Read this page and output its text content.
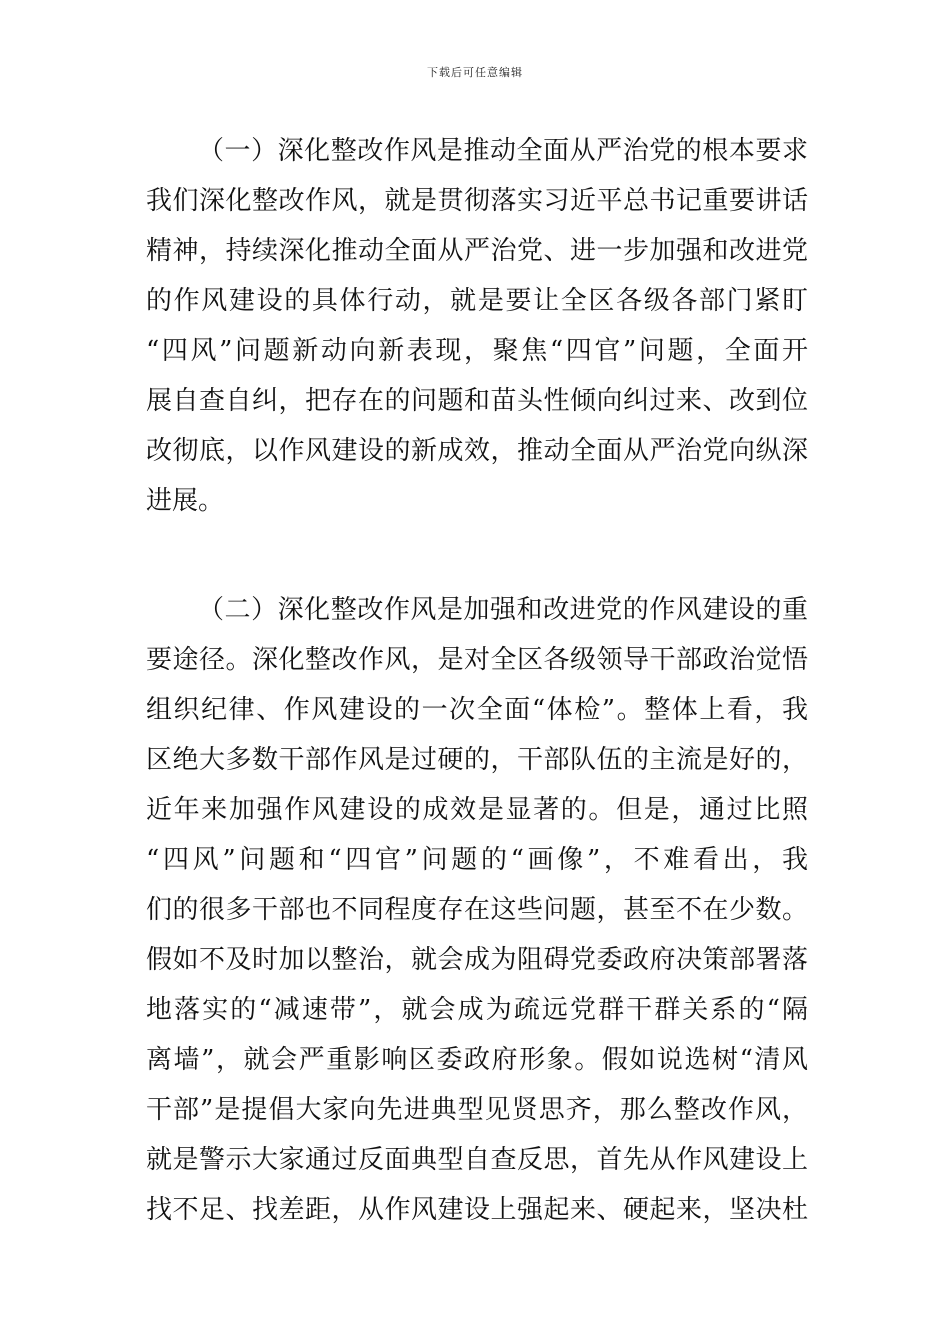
下载后可任意编辑
（一）深化整改作风是推动全面从严治党的根本要求
我们深化整改作风，就是贯彻落实习近平总书记重要讲话
精神，持续深化推动全面从严治党、进一步加强和改进党
的作风建设的具体行动，就是要让全区各级各部门紧盯
“四风”问题新动向新表现，聚焦“四官”问题，全面开
展自查自纠，把存在的问题和苗头性倾向纠过来、改到位
改彻底，以作风建设的新成效，推动全面从严治党向纵深
进展。
（二）深化整改作风是加强和改进党的作风建设的重
要途径。深化整改作风，是对全区各级领导干部政治觉悟
组织纪律、作风建设的一次全面“体检”。整体上看，我
区绝大多数干部作风是过硬的，干部队伍的主流是好的，
近年来加强作风建设的成效是显著的。但是，通过比照
“四风”问题和“四官”问题的“画像”，不难看出，我
们的很多干部也不同程度存在这些问题，甚至不在少数。
假如不及时加以整治，就会成为阻碍党委政府决策部署落
地落实的“减速带”，就会成为疏远党群干群关系的“隔
离墙”，就会严重影响区委政府形象。假如说选树“清风
干部”是提倡大家向先进典型见贤思齐，那么整改作风，
就是警示大家通过反面典型自查反思，首先从作风建设上
找不足、找差距，从作风建设上强起来、硬起来，坚决杜
